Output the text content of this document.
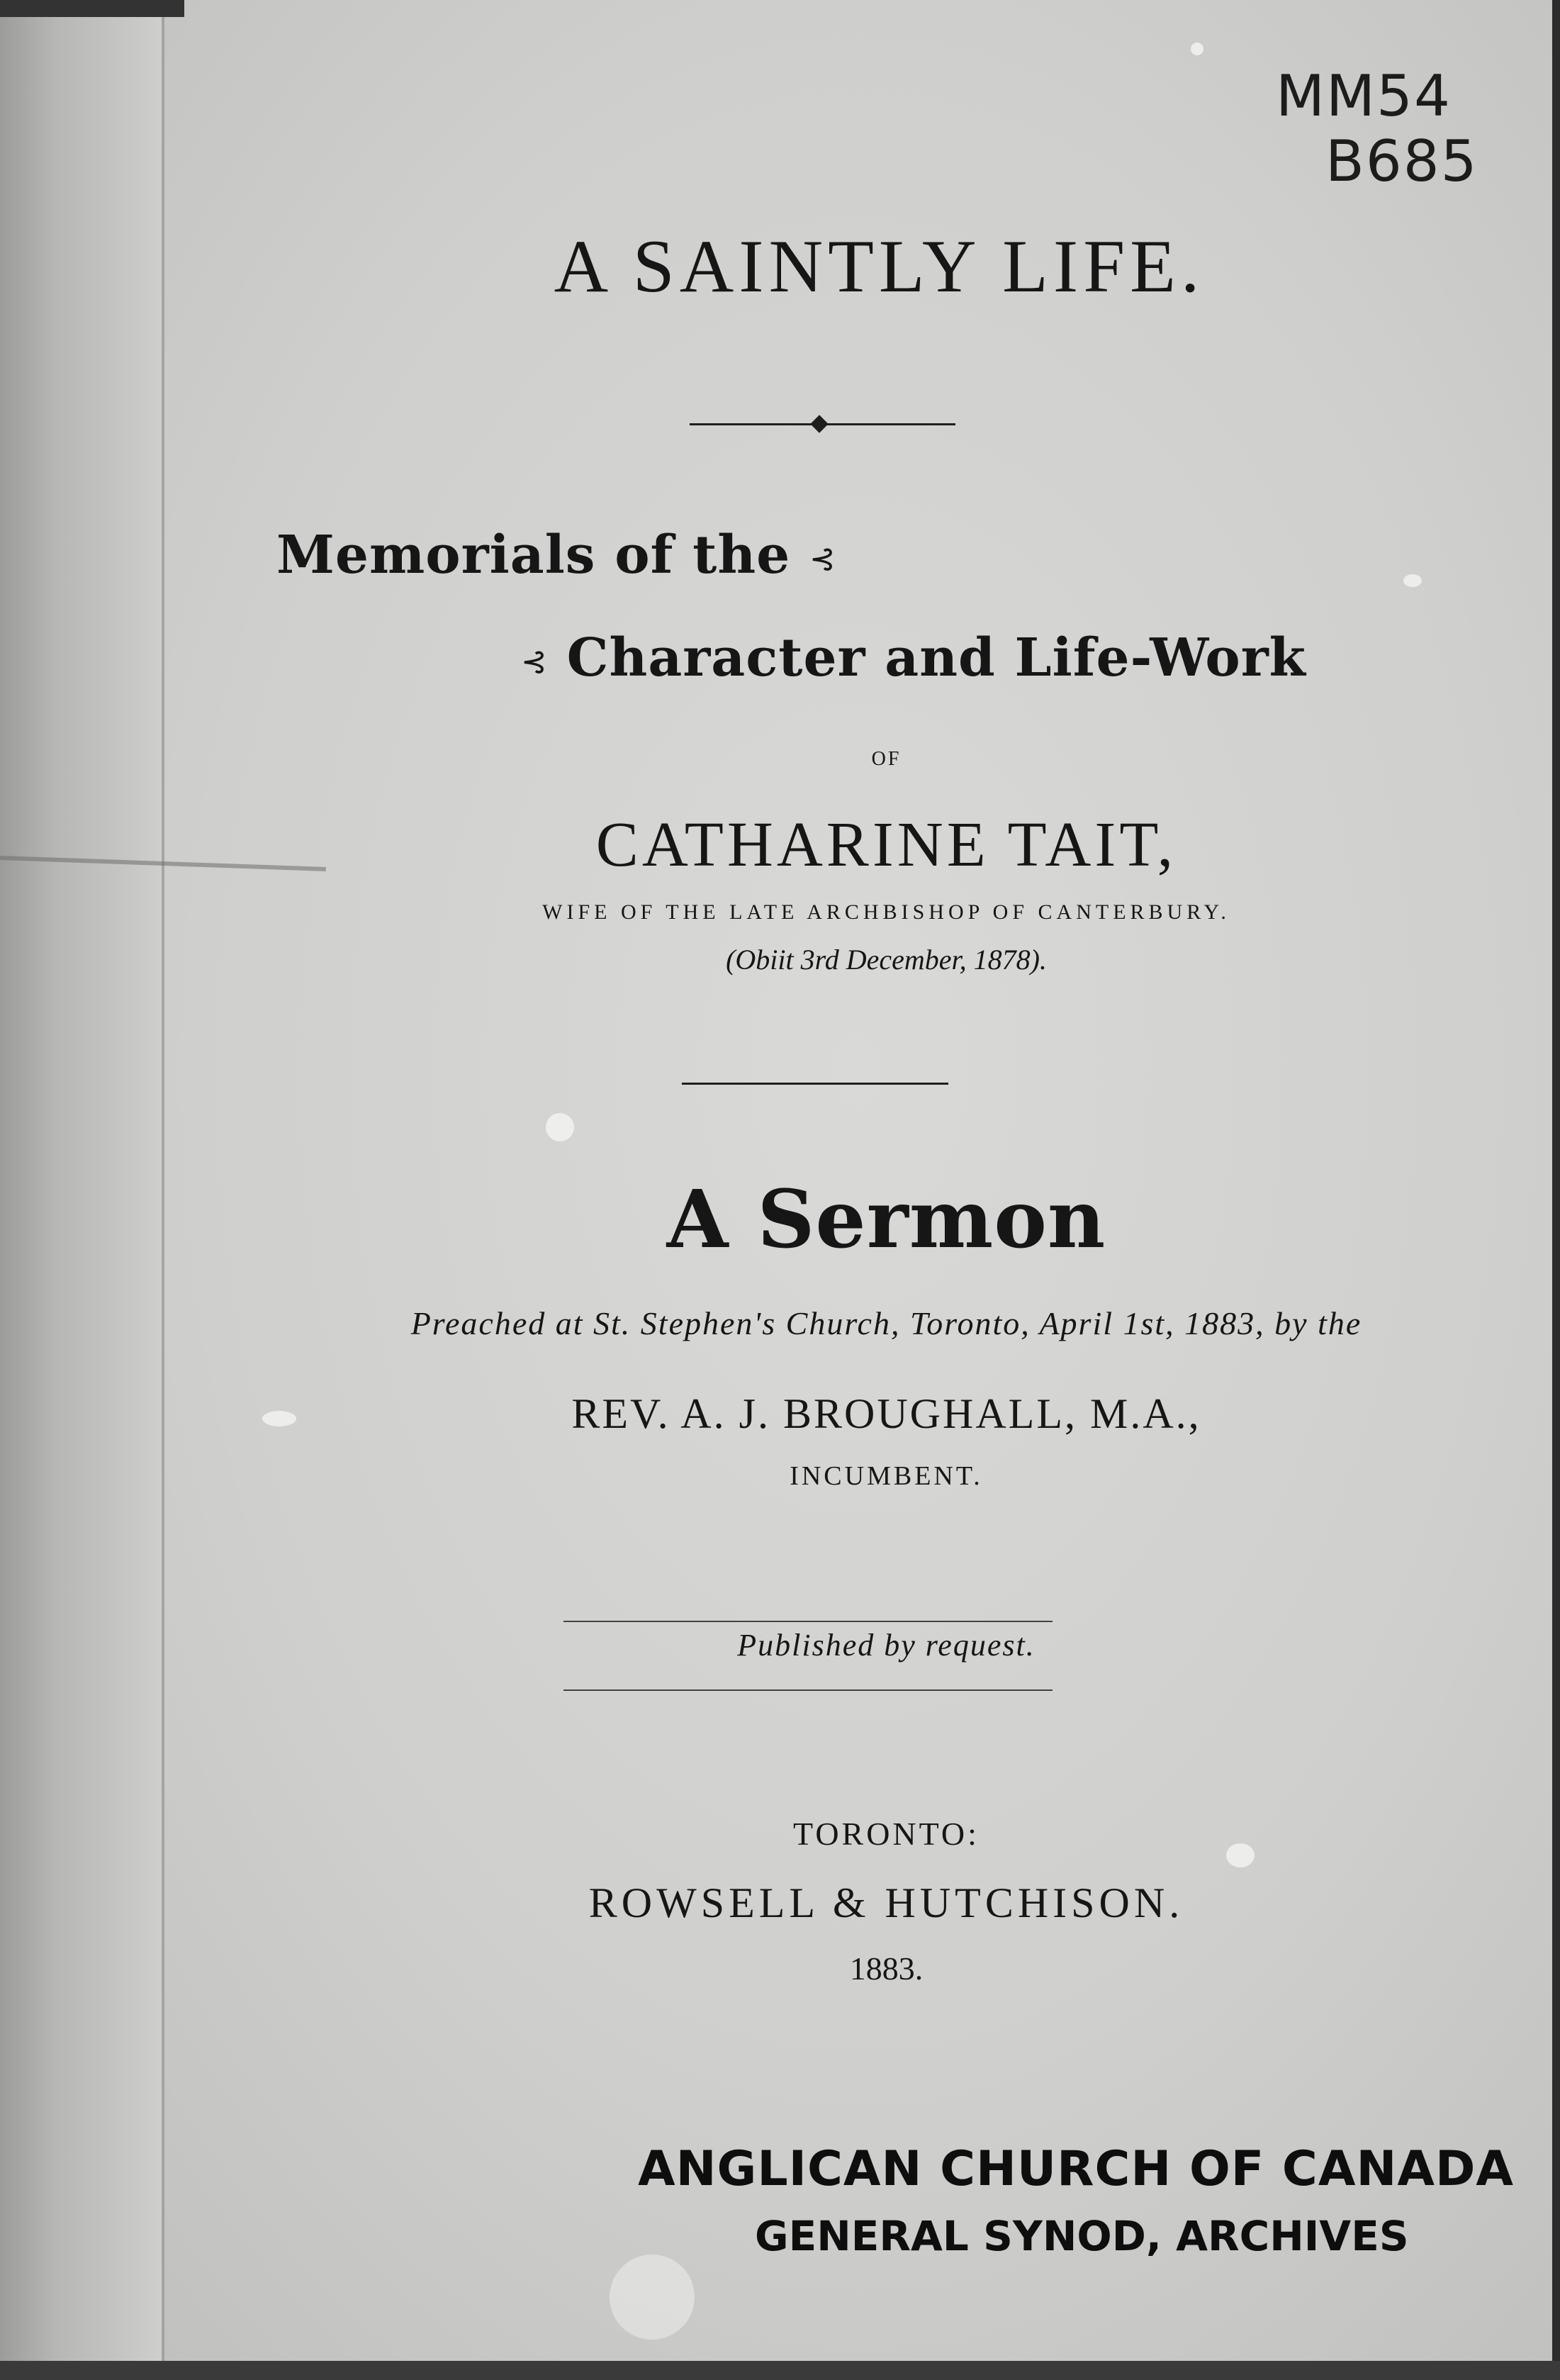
MM54
B685
A SAINTLY LIFE.
Memorials of the ⊰
⊰ Character and Life-Work
OF
CATHARINE TAIT,
WIFE OF THE LATE ARCHBISHOP OF CANTERBURY.
(Obiit 3rd December, 1878).
A Sermon
Preached at St. Stephen's Church, Toronto, April 1st, 1883, by the
REV. A. J. BROUGHALL, M.A.,
INCUMBENT.
Published by request.
TORONTO:
ROWSELL & HUTCHISON.
1883.
ANGLICAN CHURCH OF CANADA
GENERAL SYNOD, ARCHIVES
